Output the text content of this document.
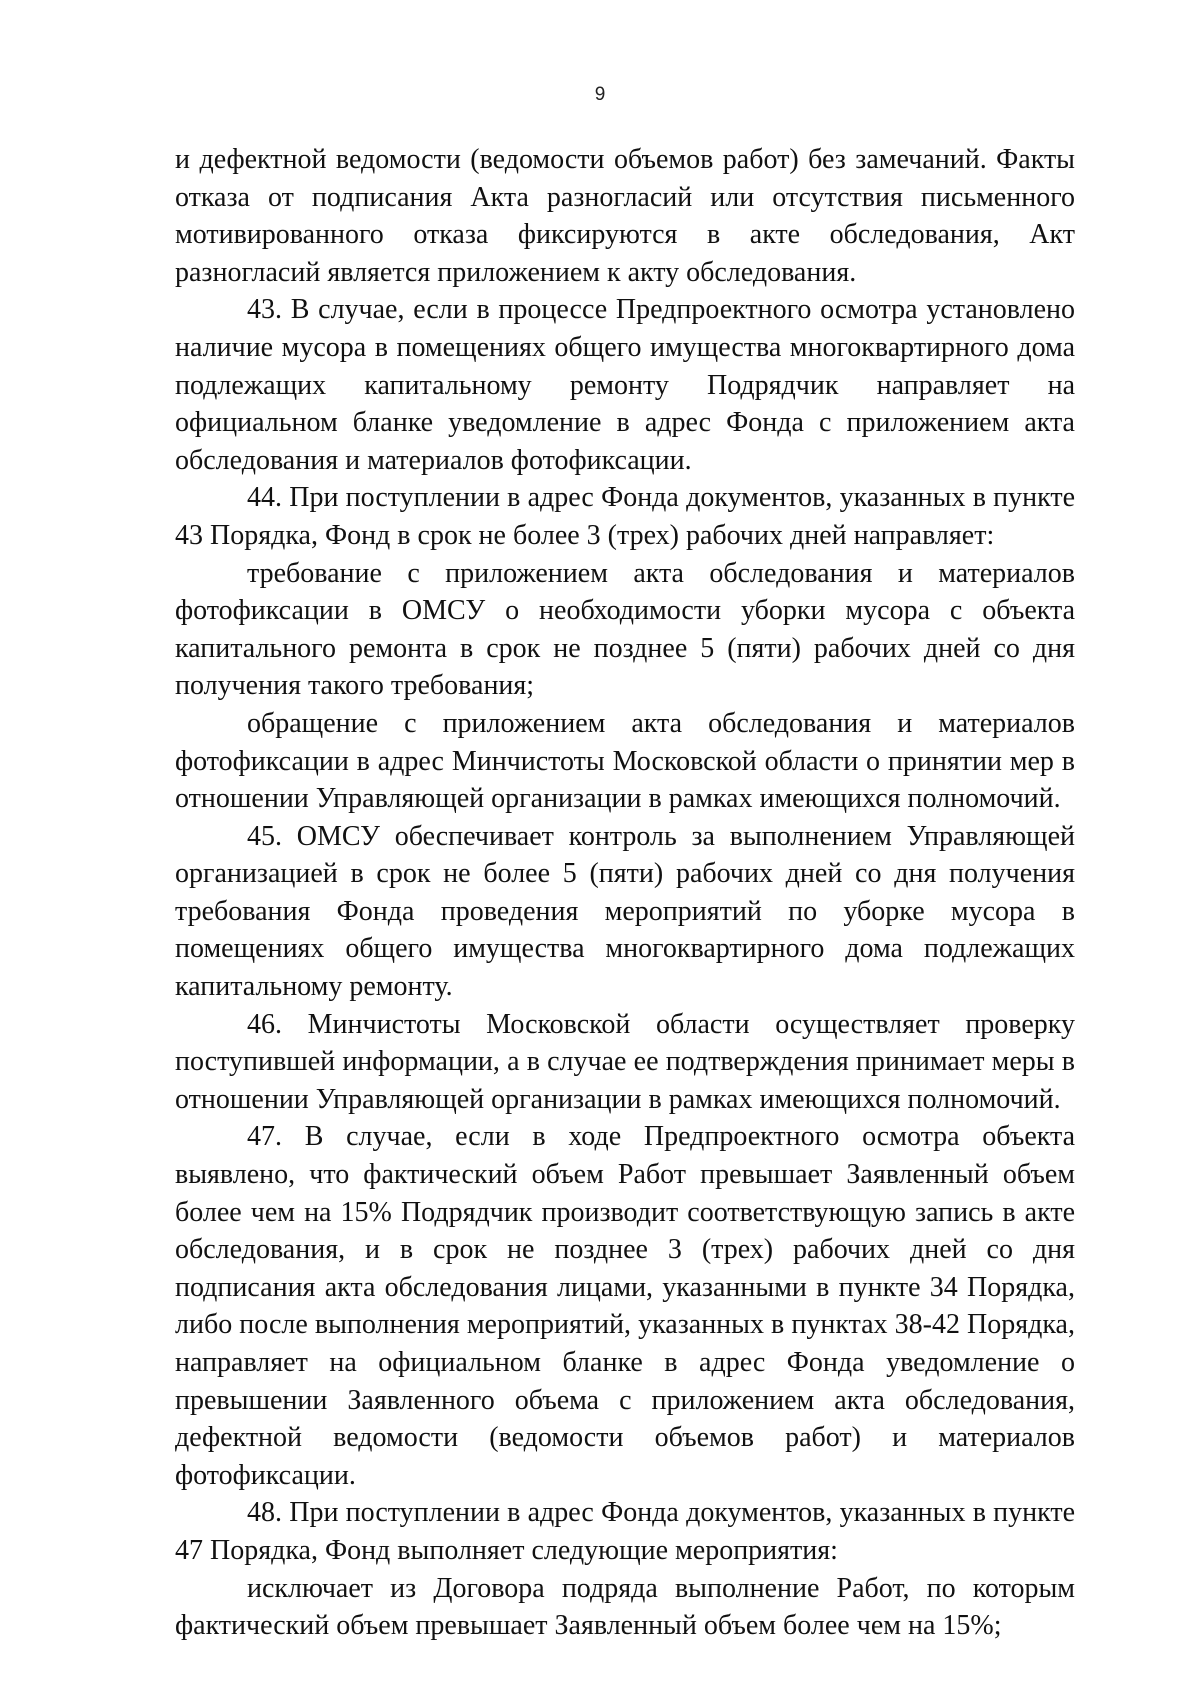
9

и дефектной ведомости (ведомости объемов работ) без замечаний. Факты отказа от подписания Акта разногласий или отсутствия письменного мотивированного отказа фиксируются в акте обследования, Акт разногласий является приложением к акту обследования.

43. В случае, если в процессе Предпроектного осмотра установлено наличие мусора в помещениях общего имущества многоквартирного дома подлежащих капитальному ремонту Подрядчик направляет на официальном бланке уведомление в адрес Фонда с приложением акта обследования и материалов фотофиксации.

44. При поступлении в адрес Фонда документов, указанных в пункте 43 Порядка, Фонд в срок не более 3 (трех) рабочих дней направляет:

требование с приложением акта обследования и материалов фотофиксации в ОМСУ о необходимости уборки мусора с объекта капитального ремонта в срок не позднее 5 (пяти) рабочих дней со дня получения такого требования;

обращение с приложением акта обследования и материалов фотофиксации в адрес Минчистоты Московской области о принятии мер в отношении Управляющей организации в рамках имеющихся полномочий.

45. ОМСУ обеспечивает контроль за выполнением Управляющей организацией в срок не более 5 (пяти) рабочих дней со дня получения требования Фонда проведения мероприятий по уборке мусора в помещениях общего имущества многоквартирного дома подлежащих капитальному ремонту.

46. Минчистоты Московской области осуществляет проверку поступившей информации, а в случае ее подтверждения принимает меры в отношении Управляющей организации в рамках имеющихся полномочий.

47. В случае, если в ходе Предпроектного осмотра объекта выявлено, что фактический объем Работ превышает Заявленный объем более чем на 15% Подрядчик производит соответствующую запись в акте обследования, и в срок не позднее 3 (трех) рабочих дней со дня подписания акта обследования лицами, указанными в пункте 34 Порядка, либо после выполнения мероприятий, указанных в пунктах 38-42 Порядка, направляет на официальном бланке в адрес Фонда уведомление о превышении Заявленного объема с приложением акта обследования, дефектной ведомости (ведомости объемов работ) и материалов фотофиксации.

48. При поступлении в адрес Фонда документов, указанных в пункте 47 Порядка, Фонд выполняет следующие мероприятия:

исключает из Договора подряда выполнение Работ, по которым фактический объем превышает Заявленный объем более чем на 15%;
